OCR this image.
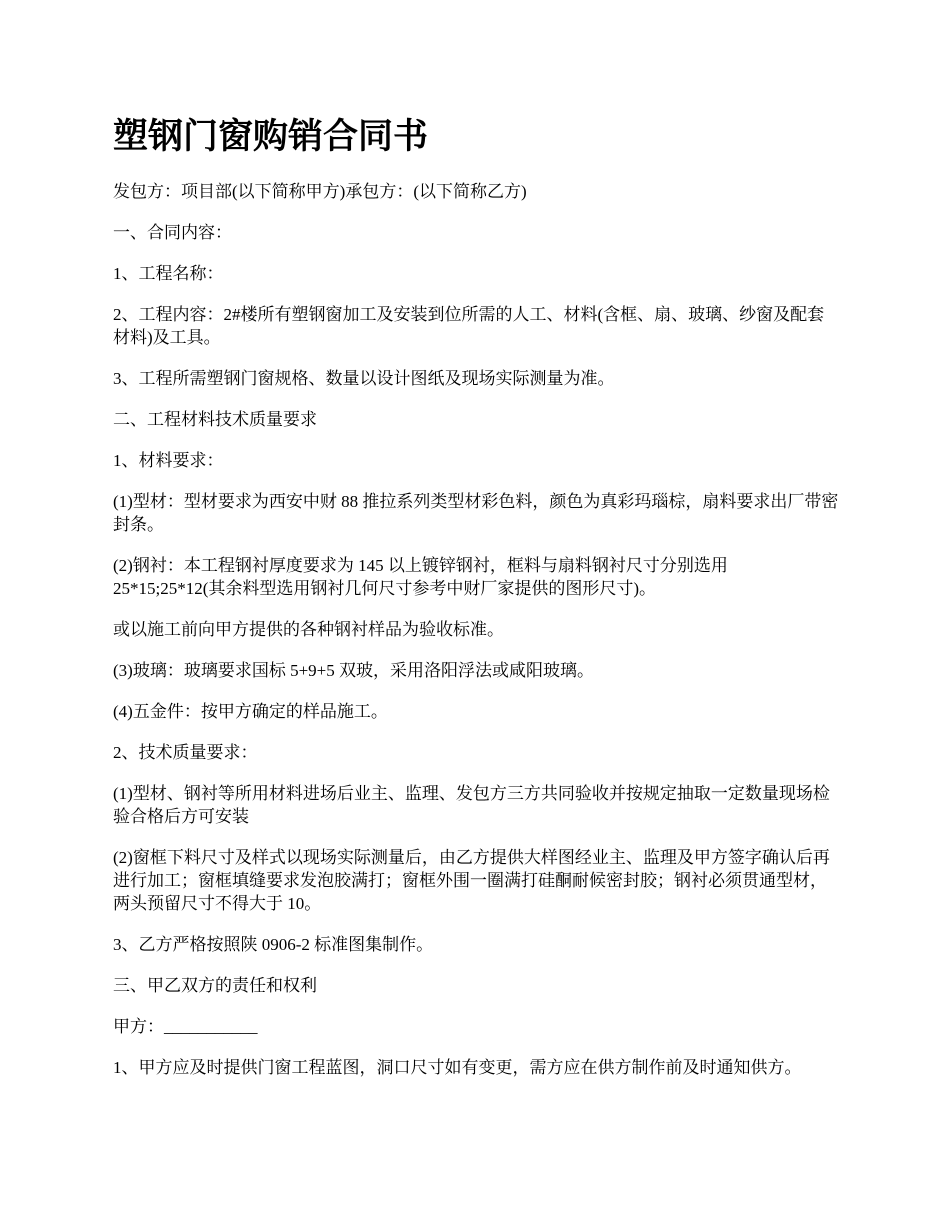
塑钢门窗购销合同书

发包方：项目部(以下简称甲方)承包方：(以下简称乙方)

一、合同内容：

1、工程名称：

2、工程内容：2#楼所有塑钢窗加工及安装到位所需的人工、材料(含框、扇、玻璃、纱窗及配套材料)及工具。

3、工程所需塑钢门窗规格、数量以设计图纸及现场实际测量为准。

二、工程材料技术质量要求

1、材料要求：

(1)型材：型材要求为西安中财 88 推拉系列类型材彩色料，颜色为真彩玛瑙棕，扇料要求出厂带密封条。

(2)钢衬：本工程钢衬厚度要求为 145 以上镀锌钢衬，框料与扇料钢衬尺寸分别选用 25*15;25*12(其余料型选用钢衬几何尺寸参考中财厂家提供的图形尺寸)。

或以施工前向甲方提供的各种钢衬样品为验收标准。

(3)玻璃：玻璃要求国标 5+9+5 双玻，采用洛阳浮法或咸阳玻璃。

(4)五金件：按甲方确定的样品施工。

2、技术质量要求：

(1)型材、钢衬等所用材料进场后业主、监理、发包方三方共同验收并按规定抽取一定数量现场检验合格后方可安装

(2)窗框下料尺寸及样式以现场实际测量后，由乙方提供大样图经业主、监理及甲方签字确认后再进行加工；窗框填缝要求发泡胶满打；窗框外围一圈满打硅酮耐候密封胶；钢衬必须贯通型材，两头预留尺寸不得大于 10。

3、乙方严格按照陕 0906-2 标准图集制作。

三、甲乙双方的责任和权利

甲方：___________

1、甲方应及时提供门窗工程蓝图，洞口尺寸如有变更，需方应在供方制作前及时通知供方。
